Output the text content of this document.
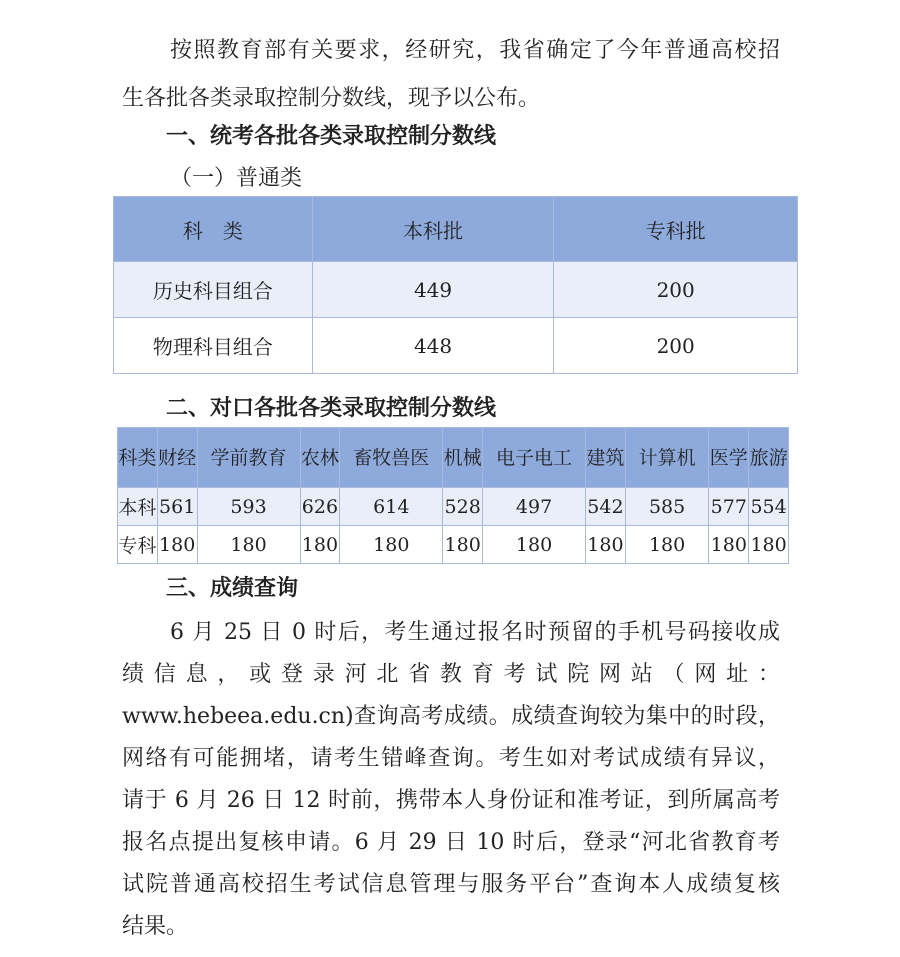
按照教育部有关要求，经研究，我省确定了今年普通高校招
生各批各类录取控制分数线，现予以公布。
一、统考各批各类录取控制分数线
（一）普通类
科　类	本科批	专科批
历史科目组合	449	200
物理科目组合	448	200
二、对口各批各类录取控制分数线
科类	财经	学前教育	农林	畜牧兽医	机械	电子电工	建筑	计算机	医学	旅游
本科	561	593	626	614	528	497	542	585	577	554
专科	180	180	180	180	180	180	180	180	180	180
三、成绩查询
6 月 25 日 0 时后，考生通过报名时预留的手机号码接收成
绩信息，或登录河北省教育考试院网站（网址：
www.hebeea.edu.cn)查询高考成绩。成绩查询较为集中的时段，
网络有可能拥堵，请考生错峰查询。考生如对考试成绩有异议，
请于 6 月 26 日 12 时前，携带本人身份证和准考证，到所属高考
报名点提出复核申请。6 月 29 日 10 时后，登录“河北省教育考
试院普通高校招生考试信息管理与服务平台”查询本人成绩复核
结果。
